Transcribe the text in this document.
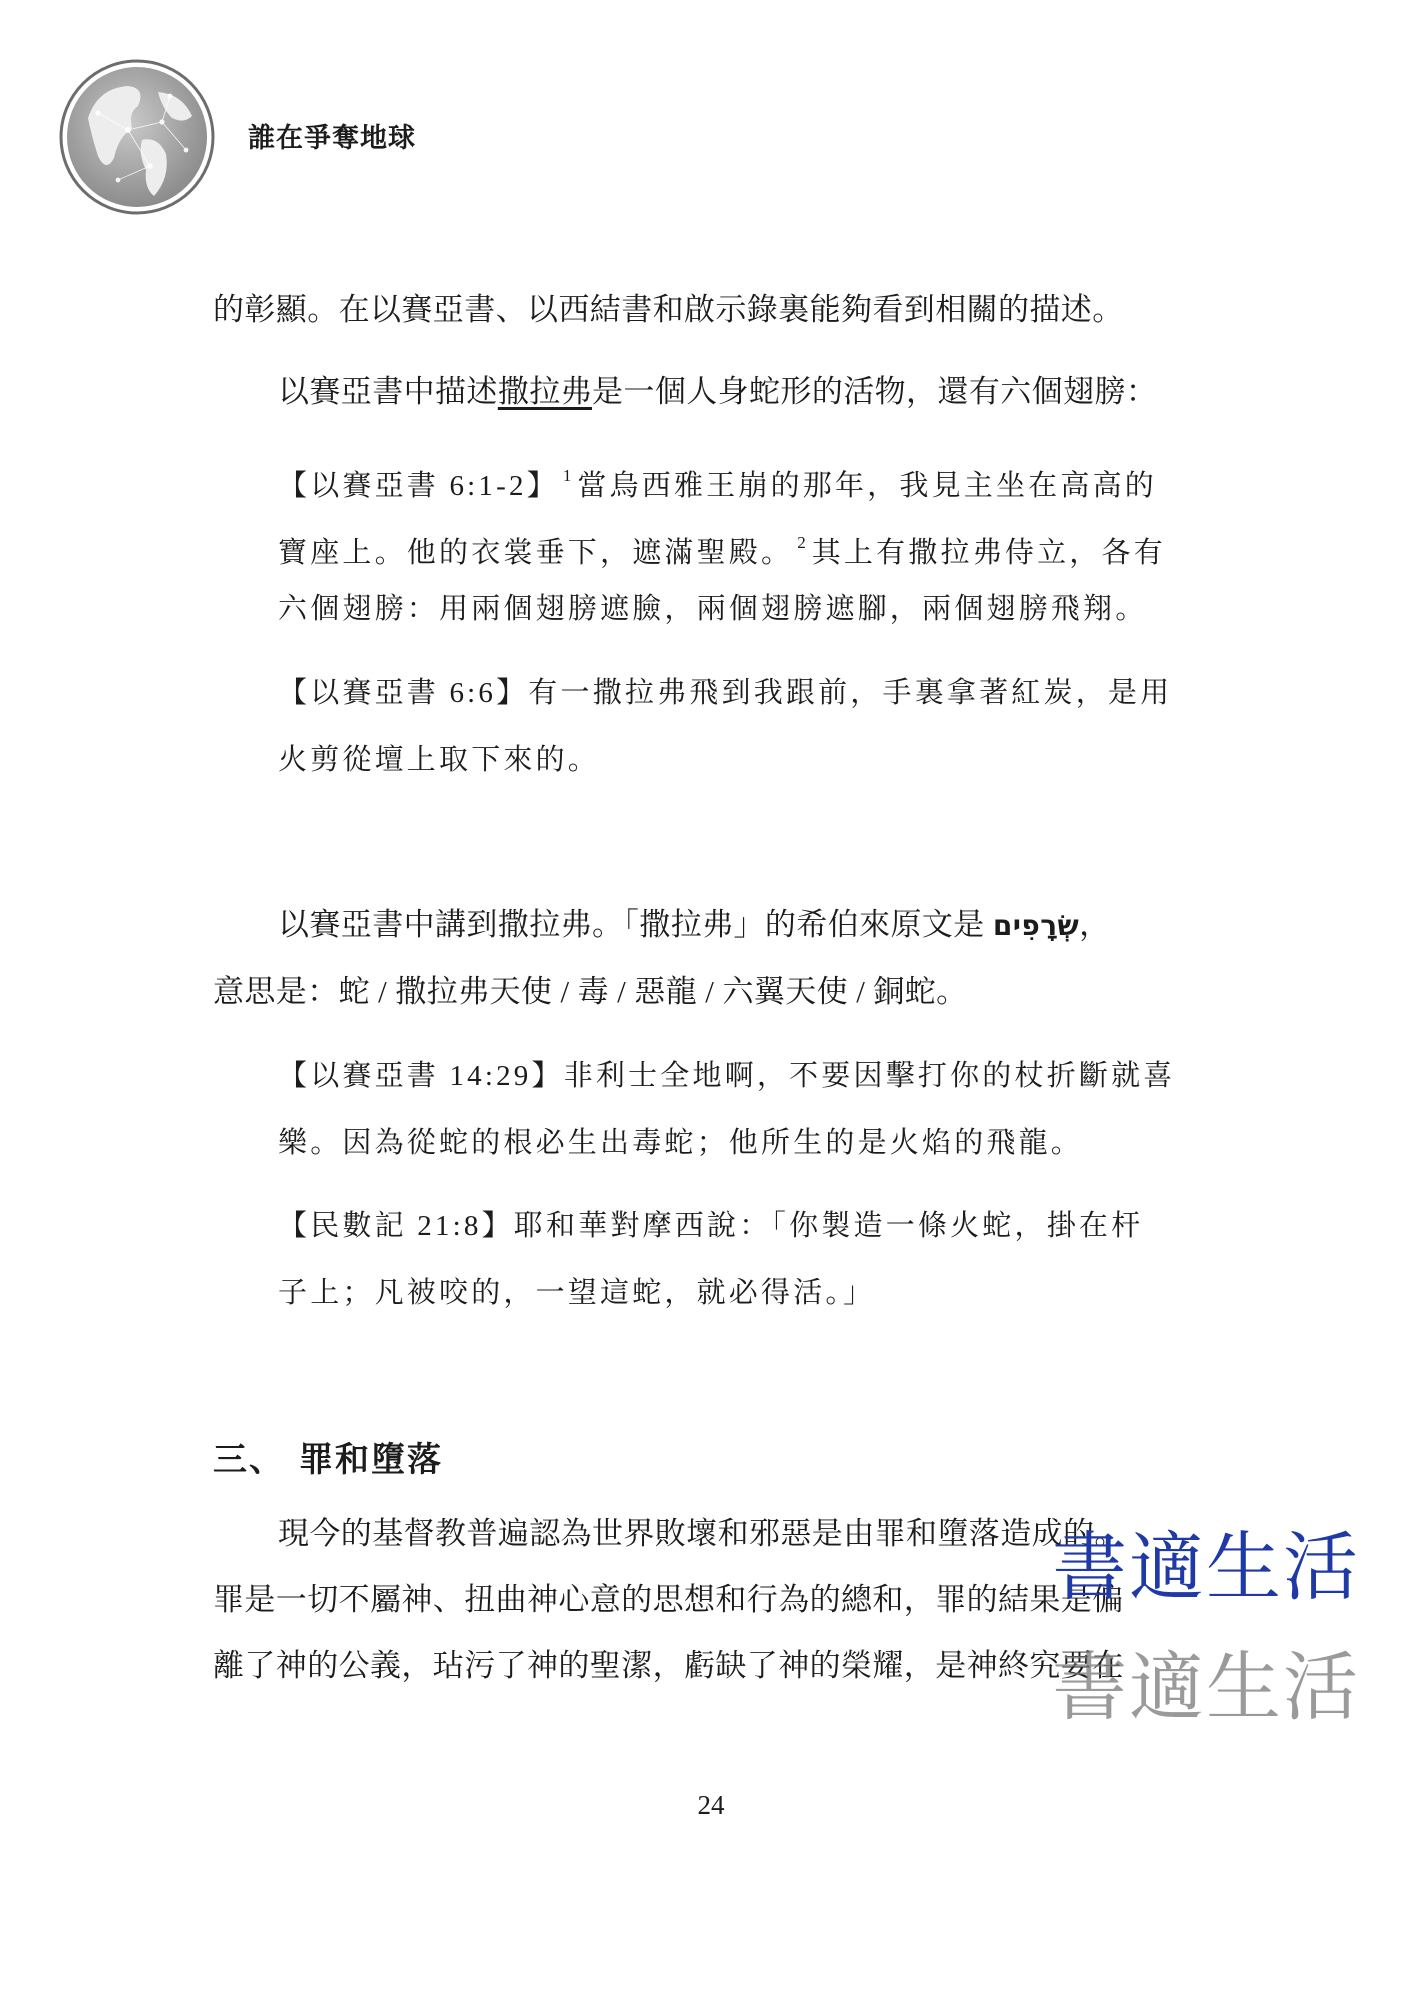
誰在爭奪地球
的彰顯。在以賽亞書、以西結書和啟示錄裏能夠看到相關的描述。
以賽亞書中描述撒拉弗是一個人身蛇形的活物，還有六個翅膀：
【以賽亞書 6:1-2】 $^1$ 當烏西雅王崩的那年，我見主坐在高高的
寶座上。他的衣裳垂下，遮滿聖殿。 $^2$ 其上有撒拉弗侍立，各有
六個翅膀：用兩個翅膀遮臉，兩個翅膀遮腳，兩個翅膀飛翔。
【以賽亞書 6:6】有一撒拉弗飛到我跟前，手裏拿著紅炭，是用
火剪從壇上取下來的。
以賽亞書中講到撒拉弗。「撒拉弗」的希伯來原文是 שְׂרָפִים，
意思是：蛇 / 撒拉弗天使 / 毒 / 惡龍 / 六翼天使 / 銅蛇。
【以賽亞書 14:29】非利士全地啊，不要因擊打你的杖折斷就喜
樂。因為從蛇的根必生出毒蛇；他所生的是火焰的飛龍。
【民數記 21:8】耶和華對摩西說：「你製造一條火蛇，掛在杆
子上；凡被咬的，一望這蛇，就必得活。」
三、 罪和墮落
現今的基督教普遍認為世界敗壞和邪惡是由罪和墮落造成的。
罪是一切不屬神、扭曲神心意的思想和行為的總和，罪的結果是偏
離了神的公義，玷污了神的聖潔，虧缺了神的榮耀，是神終究要在
書適生活
書適生活
24
